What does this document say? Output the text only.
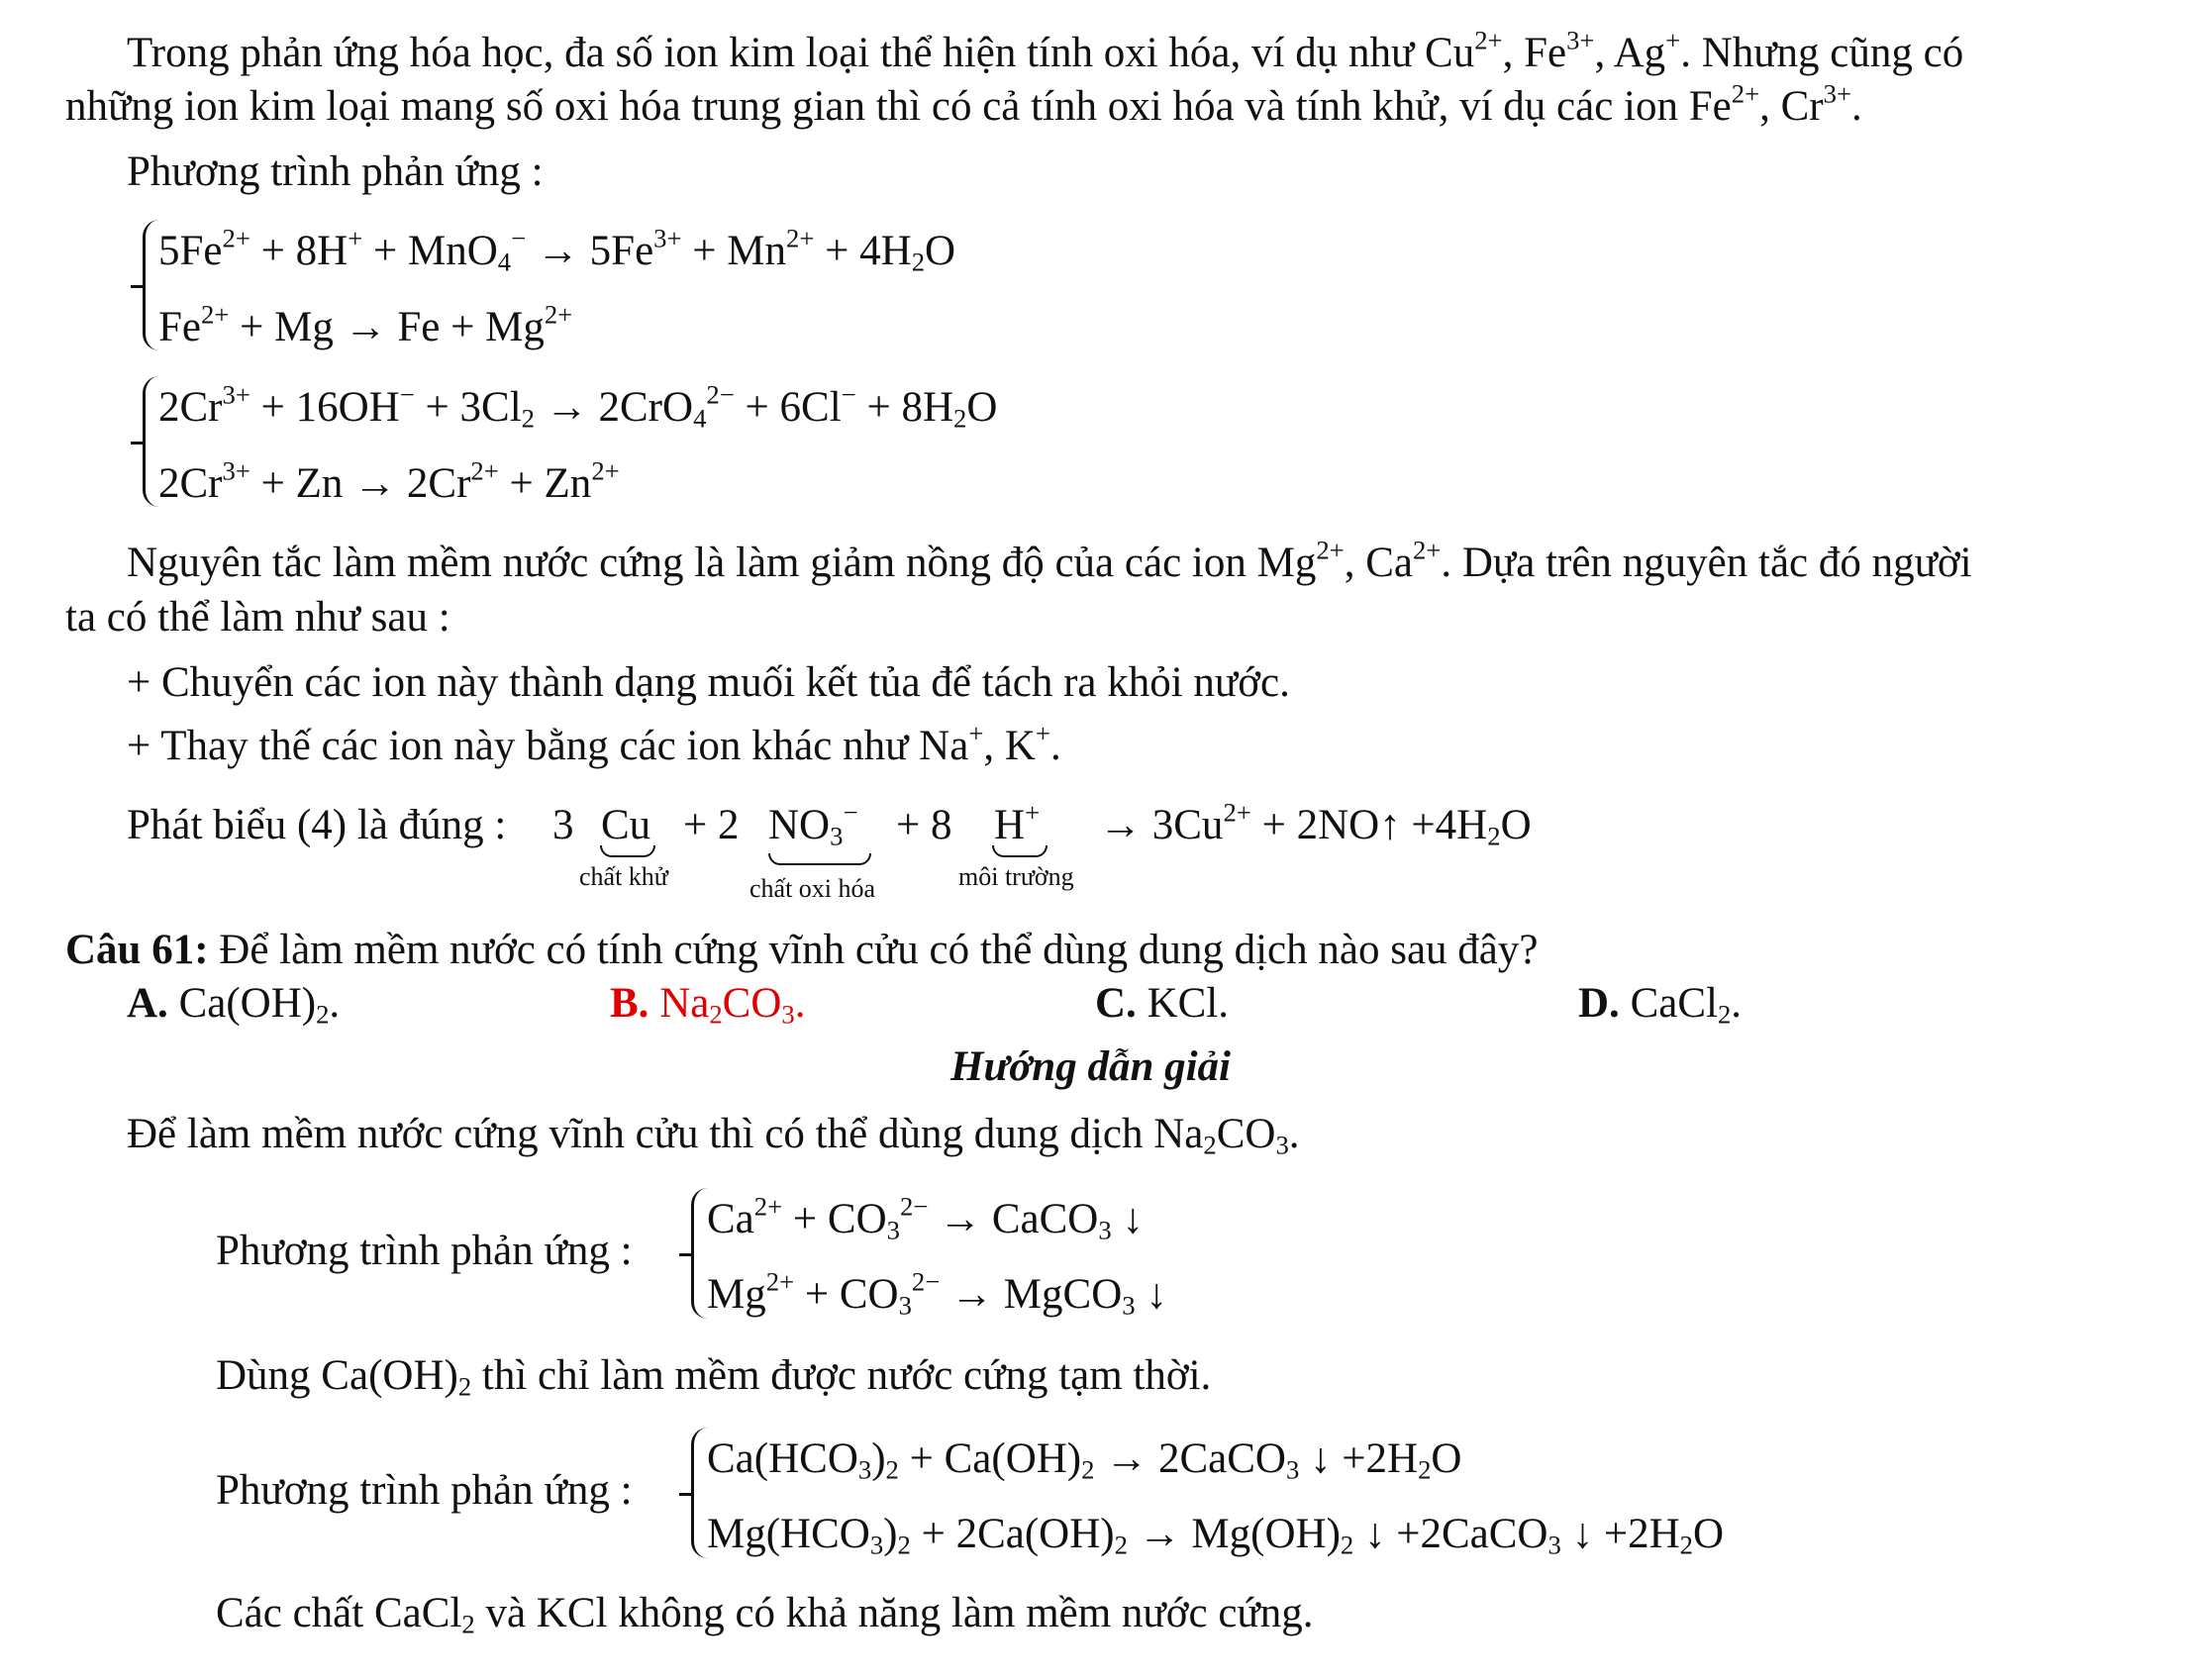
Trong phản ứng hóa học, đa số ion kim loại thể hiện tính oxi hóa, ví dụ như $Cu^{2+}$, $Fe^{3+}$, Ag+. Nhưng cũng có
những ion kim loại mang số oxi hóa trung gian thì có cả tính oxi hóa và tính khử, ví dụ các ion $Fe^{2+}$, $Cr^{3+}$.
Phương trình phản ứng :
$5Fe^{2+} + 8H^+ + MnO_4^- \to 5Fe^{3+} + Mn^{2+} + 4H_2O$
$Fe^{2+} + Mg \to Fe + Mg^{2+}$
$2Cr^{3+} + 16OH^- + 3Cl_2 \to 2CrO_4^{2-} + 6Cl^- + 8H_2O$
$2Cr^{3+} + Zn \to 2Cr^{2+} + Zn^{2+}$
Nguyên tắc làm mềm nước cứng là làm giảm nồng độ của các ion $Mg^{2+}$, $Ca^{2+}$. Dựa trên nguyên tắc đó người
ta có thể làm như sau :
+ Chuyển các ion này thành dạng muối kết tủa để tách ra khỏi nước.
+ Thay thế các ion này bằng các ion khác như Na+, K+.
Phát biểu (4) là đúng : 3 Cu
chất khử
+ 2 $NO_3^-$
chất oxi hóa
+ 8 H+
môi trường
→ $3Cu^{2+}$ + 2NO↑ $+4H_2O$
Câu 61: Để làm mềm nước có tính cứng vĩnh cửu có thể dùng dung dịch nào sau đây?
A. $Ca(OH)_2$.	B. $Na_2CO_3$.	C. KCl.	D. CaCl$_2$.
Hướng dẫn giải
Để làm mềm nước cứng vĩnh cửu thì có thể dùng dung dịch $Na_2CO_3$.
Phương trình phản ứng :
$Ca^{2+} + CO_3^{2-}$ → CaCO$_3$ ↓
$Mg^{2+} + CO_3^{2-}$ → MgCO$_3$ ↓
Dùng $Ca(OH)_2$ thì chỉ làm mềm được nước cứng tạm thời.
Phương trình phản ứng :
$Ca(HCO_3)_2 + Ca(OH)_2$ → 2CaCO$_3$ ↓ $+2H_2O$
$Mg(HCO_3)_2 + 2Ca(OH)_2 \to Mg(OH)_2$ ↓ +2CaCO$_3$ ↓ $+2H_2O$
Các chất CaCl$_2$ và KCl không có khả năng làm mềm nước cứng.
